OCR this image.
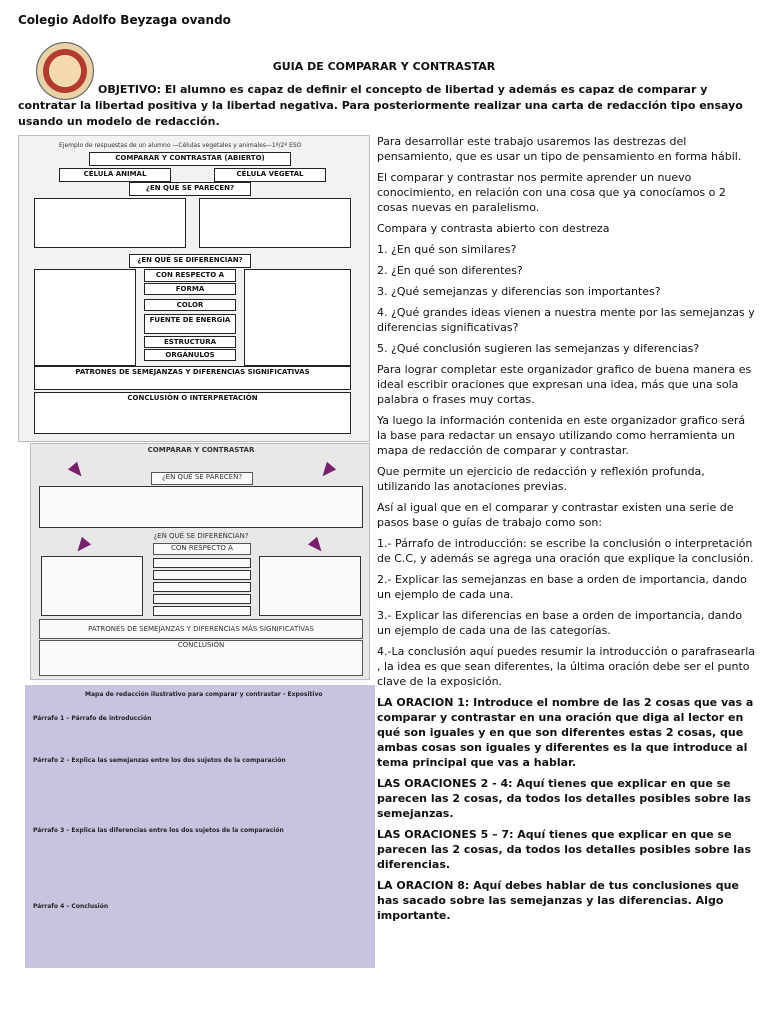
Colegio Adolfo Beyzaga ovando
GUIA DE COMPARAR Y CONTRASTAR
OBJETIVO: El alumno es capaz de definir el concepto de libertad y además es capaz de comparar y contratar la libertad positiva y la libertad negativa. Para posteriormente realizar una carta de redacción tipo ensayo usando un modelo de redacción.
Ejemplo de respuestas de un alumno —Células vegetales y animales—1º/2º ESO
COMPARAR Y CONTRASTAR (ABIERTO)
CÉLULA ANIMAL	CÉLULA VEGETAL
¿EN QUÉ SE PARECEN?
¿EN QUÉ SE DIFERENCIAN?
CON RESPECTO A
FORMA
COLOR
FUENTE DE ENERGÍA
ESTRUCTURA
ORGÁNULOS
PATRONES DE SEMEJANZAS Y DIFERENCIAS SIGNIFICATIVAS
CONCLUSIÓN O INTERPRETACIÓN
COMPARAR Y CONTRASTAR
¿EN QUÉ SE PARECEN?
¿EN QUÉ SE DIFERENCIAN?
CON RESPECTO A
PATRONES DE SEMEJANZAS Y DIFERENCIAS MÁS SIGNIFICATIVAS
CONCLUSIÓN
Mapa de redacción ilustrativo para comparar y contrastar - Expositivo
Párrafo 1 – Párrafo de introducción
Párrafo 2 – Explica las semejanzas entre los dos sujetos de la comparación
Párrafo 3 – Explica las diferencias entre los dos sujetos de la comparación
Párrafo 4 – Conclusión

Para desarrollar este trabajo usaremos las destrezas del pensamiento, que es usar un tipo de pensamiento en forma hábil.

El comparar y contrastar nos permite aprender un nuevo conocimiento, en relación con una cosa que ya conocíamos o 2 cosas nuevas en paralelismo.

Compara y contrasta abierto con destreza

1. ¿En qué son similares?

2. ¿En qué son diferentes?

3. ¿Qué semejanzas y diferencias son importantes?

4. ¿Qué grandes ideas vienen a nuestra mente por las semejanzas y diferencias significativas?

5. ¿Qué conclusión sugieren las semejanzas y diferencias?

Para lograr completar este organizador grafico de buena manera es ideal escribir oraciones que expresan una idea, más que una sola palabra o frases muy cortas.

Ya luego la información contenida en este organizador grafico será la base para redactar un ensayo utilizando como herramienta un mapa de redacción de comparar y contrastar.

Que permite un ejercicio de redacción y reflexión profunda, utilizando las anotaciones previas.

Así al igual que en el comparar y contrastar existen una serie de pasos base o guías de trabajo como son:

1.- Párrafo de introducción: se escribe la conclusión o interpretación de C.C, y además se agrega una oración que explique la conclusión.

2.- Explicar las semejanzas en base a orden de importancia, dando un ejemplo de cada una.

3.- Explicar las diferencias en base a orden de importancia, dando un ejemplo de cada una de las categorías.

4.-La conclusión aquí puedes resumir la introducción o parafrasearla , la idea es que sean diferentes, la última oración debe ser el punto clave de la exposición.

LA ORACION 1: Introduce el nombre de las 2 cosas que vas a comparar y contrastar en una oración que diga al lector en qué son iguales y en que son diferentes estas 2 cosas, que ambas cosas son iguales y diferentes es la que introduce al tema principal que vas a hablar.

LAS ORACIONES 2 - 4: Aquí tienes que explicar en que se parecen las 2 cosas, da todos los detalles posibles sobre las semejanzas.

LAS ORACIONES 5 – 7: Aquí tienes que explicar en que se parecen las 2 cosas, da todos los detalles posibles sobre las diferencias.

LA ORACION 8: Aquí debes hablar de tus conclusiones que has sacado sobre las semejanzas y las diferencias. Algo importante.
